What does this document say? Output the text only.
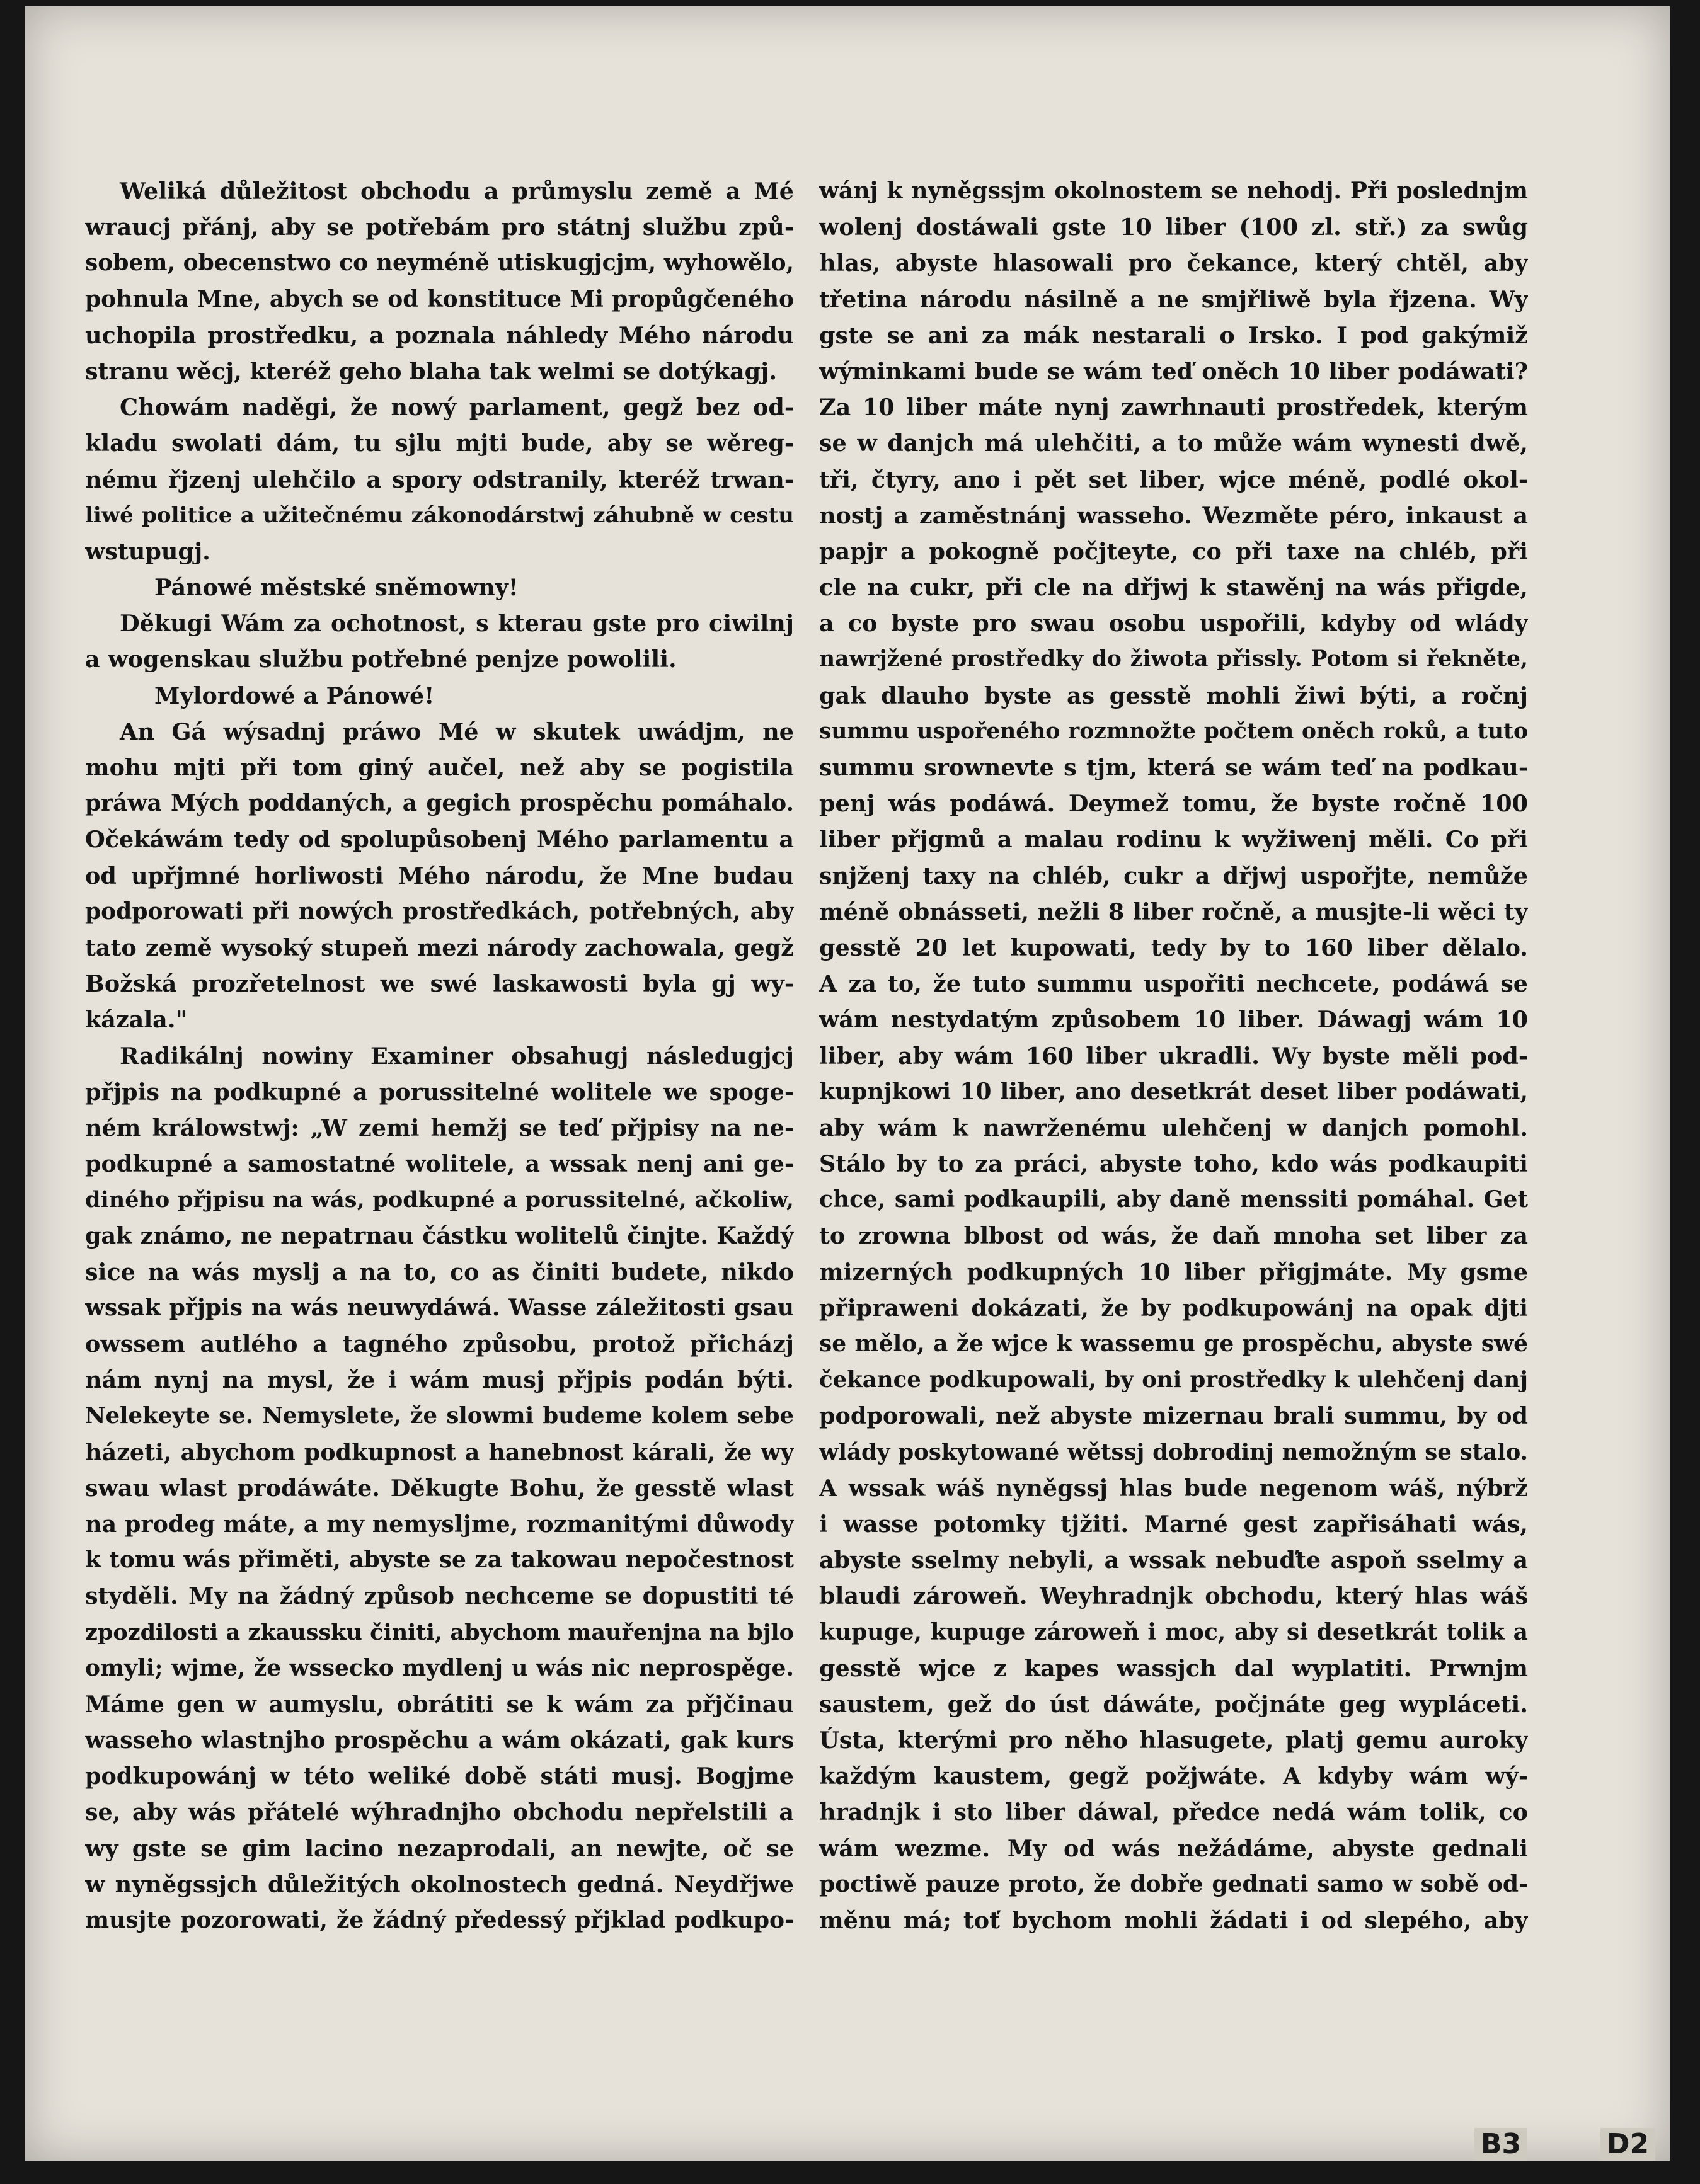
Weliká důležitost obchodu a průmyslu země a Mé
wraucj přánj, aby se potřebám pro státnj službu způ-
sobem, obecenstwo co neyméně utiskugjcjm, wyhowělo,
pohnula Mne, abych se od konstituce Mi propůgčeného
uchopila prostředku, a poznala náhledy Mého národu
stranu wěcj, kteréž geho blaha tak welmi se dotýkagj.
Chowám naděgi, že nowý parlament, gegž bez od-
kladu swolati dám, tu sjlu mjti bude, aby se wěreg-
nému řjzenj ulehčilo a spory odstranily, kteréž trwan-
liwé politice a užitečnému zákonodárstwj záhubně w cestu
wstupugj.
Pánowé městské sněmowny!
Děkugi Wám za ochotnost, s kterau gste pro ciwilnj
a wogenskau službu potřebné penjze powolili.
Mylordowé a Pánowé!
An Gá wýsadnj práwo Mé w skutek uwádjm, ne
mohu mjti při tom giný aučel, než aby se pogistila
práwa Mých poddaných, a gegich prospěchu pomáhalo.
Očekáwám tedy od spolupůsobenj Mého parlamentu a
od upřjmné horliwosti Mého národu, že Mne budau
podporowati při nowých prostředkách, potřebných, aby
tato země wysoký stupeň mezi národy zachowala, gegž
Božská prozřetelnost we swé laskawosti byla gj wy-
kázala."
Radikálnj nowiny Examiner obsahugj následugjcj
přjpis na podkupné a porussitelné wolitele we spoge-
ném králowstwj: „W zemi hemžj se teď přjpisy na ne-
podkupné a samostatné wolitele, a wssak nenj ani ge-
diného přjpisu na wás, podkupné a porussitelné, ačkoliw,
gak známo, ne nepatrnau částku wolitelů činjte. Každý
sice na wás myslj a na to, co as činiti budete, nikdo
wssak přjpis na wás neuwydáwá. Wasse záležitosti gsau
owssem autlého a tagného způsobu, protož přicházj
nám nynj na mysl, že i wám musj přjpis podán býti.
Nelekeyte se. Nemyslete, že slowmi budeme kolem sebe
házeti, abychom podkupnost a hanebnost kárali, že wy
swau wlast prodáwáte. Děkugte Bohu, že gesstě wlast
na prodeg máte, a my nemyslјme, rozmanitými důwody
k tomu wás přiměti, abyste se za takowau nepočestnost
styděli. My na žádný způsob nechceme se dopustiti té
zpozdilosti a zkaussku činiti, abychom mauřenjna na bjlo
omyli; wjme, že wssecko mydlenj u wás nic neprospěge.
Máme gen w aumyslu, obrátiti se k wám za přjčinau
wasseho wlastnjho prospěchu a wám okázati, gak kurs
podkupowánj w této weliké době státi musj. Bogjme
se, aby wás přátelé wýhradnjho obchodu nepřelstili a
wy gste se gim lacino nezaprodali, an newjte, oč se
w nyněgssjch důležitých okolnostech gedná. Neydřjwe
musjte pozorowati, že žádný předessý přjklad podkupo-
wánj k nyněgssjm okolnostem se nehodj. Při poslednjm
wolenj dostáwali gste 10 liber (100 zl. stř.) za swůg
hlas, abyste hlasowali pro čekance, který chtěl, aby
třetina národu násilně a ne smjřliwě byla řjzena. Wy
gste se ani za mák nestarali o Irsko. I pod gakýmiž
wýminkami bude se wám teď oněch 10 liber podáwati?
Za 10 liber máte nynj zawrhnauti prostředek, kterým
se w danjch má ulehčiti, a to může wám wynesti dwě,
tři, čtyry, ano i pět set liber, wjce méně, podlé okol-
nostj a zaměstnánj wasseho. Wezměte péro, inkaust a
papjr a pokogně počjteyte, co při taxe na chléb, při
cle na cukr, při cle na dřjwj k stawěnj na wás přigde,
a co byste pro swau osobu uspořili, kdyby od wlády
nawrjžené prostředky do žiwota přissly. Potom si řekněte,
gak dlauho byste as gesstě mohli žiwi býti, a ročnj
summu uspořeného rozmnožte počtem oněch roků, a tuto
summu srownevte s tjm, která se wám teď na podkau-
penj wás podáwá. Deymež tomu, že byste ročně 100
liber přjgmů a malau rodinu k wyžiwenj měli. Co při
snjženj taxy na chléb, cukr a dřjwj uspořjte, nemůže
méně obnásseti, nežli 8 liber ročně, a musjte-li wěci ty
gesstě 20 let kupowati, tedy by to 160 liber dělalo.
A za to, že tuto summu uspořiti nechcete, podáwá se
wám nestydatým způsobem 10 liber. Dáwagj wám 10
liber, aby wám 160 liber ukradli. Wy byste měli pod-
kupnjkowi 10 liber, ano desetkrát deset liber podáwati,
aby wám k nawrženému ulehčenj w danjch pomohl.
Stálo by to za práci, abyste toho, kdo wás podkaupiti
chce, sami podkaupili, aby daně menssiti pomáhal. Get
to zrowna blbost od wás, že daň mnoha set liber za
mizerných podkupných 10 liber přigjmáte. My gsme
připraweni dokázati, že by podkupowánj na opak djti
se mělo, a že wjce k wassemu ge prospěchu, abyste swé
čekance podkupowali, by oni prostředky k ulehčenj danj
podporowali, než abyste mizernau brali summu, by od
wlády poskytowané wětssj dobrodinj nemožným se stalo.
A wssak wáš nyněgssj hlas bude negenom wáš, nýbrž
i wasse potomky tjžiti. Marné gest zapřisáhati wás,
abyste sselmy nebyli, a wssak nebuďte aspoň sselmy a
blaudi zároweň. Weyhradnjk obchodu, který hlas wáš
kupuge, kupuge zároweň i moc, aby si desetkrát tolik a
gesstě wjce z kapes wassjch dal wyplatiti. Prwnjm
saustem, gež do úst dáwáte, počjnáte geg wypláceti.
Ústa, kterými pro něho hlasugete, platj gemu auroky
každým kaustem, gegž požjwáte. A kdyby wám wý-
hradnjk i sto liber dáwal, předce nedá wám tolik, co
wám wezme. My od wás nežádáme, abyste gednali
poctiwě pauze proto, že dobře gednati samo w sobě od-
měnu má; toť bychom mohli žádati i od slepého, aby
B3	D2
